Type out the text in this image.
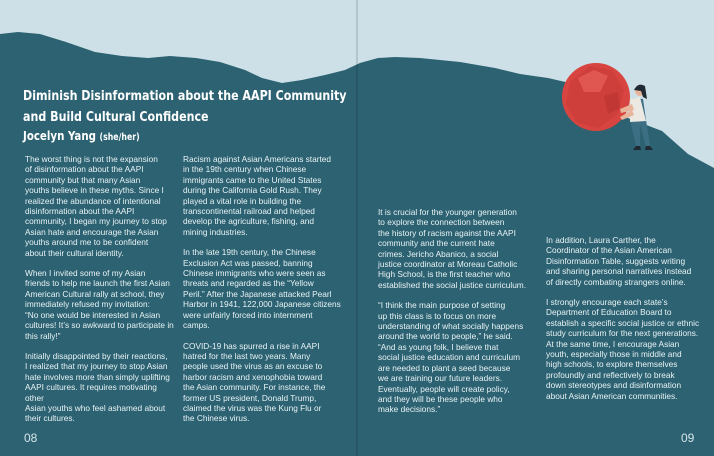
Diminish Disinformation about the AAPI Community
and Build Cultural Confidence
Jocelyn Yang (she/her)

The worst thing is not the expansion
of disinformation about the AAPI
community but that many Asian
youths believe in these myths. Since I
realized the abundance of intentional
disinformation about the AAPI
community, I began my journey to stop
Asian hate and encourage the Asian
youths around me to be confident
about their cultural identity.

When I invited some of my Asian
friends to help me launch the first Asian
American Cultural rally at school, they
immediately refused my invitation:
“No one would be interested in Asian
cultures! It’s so awkward to participate in
this rally!”

Initially disappointed by their reactions,
I realized that my journey to stop Asian
hate involves more than simply uplifting
AAPI cultures. It requires motivating other
Asian youths who feel ashamed about
their cultures.

Racism against Asian Americans started
in the 19th century when Chinese
immigrants came to the United States
during the California Gold Rush. They
played a vital role in building the
transcontinental railroad and helped
develop the agriculture, fishing, and
mining industries.

In the late 19th century, the Chinese
Exclusion Act was passed, banning
Chinese immigrants who were seen as
threats and regarded as the “Yellow
Peril.” After the Japanese attacked Pearl
Harbor in 1941, 122,000 Japanese citizens
were unfairly forced into internment
camps.

COVID-19 has spurred a rise in AAPI
hatred for the last two years. Many
people used the virus as an excuse to
harbor racism and xenophobia toward
the Asian community. For instance, the
former US president, Donald Trump,
claimed the virus was the Kung Flu or
the Chinese virus.

It is crucial for the younger generation
to explore the connection between
the history of racism against the AAPI
community and the current hate
crimes. Jericho Abanico, a social
justice coordinator at Moreau Catholic
High School, is the first teacher who
established the social justice curriculum.

“I think the main purpose of setting
up this class is to focus on more
understanding of what socially happens
around the world to people,” he said.
“And as young folk, I believe that
social justice education and curriculum
are needed to plant a seed because
we are training our future leaders.
Eventually, people will create policy,
and they will be these people who
make decisions.”

In addition, Laura Carther, the
Coordinator of the Asian American
Disinformation Table, suggests writing
and sharing personal narratives instead
of directly combating strangers online.

I strongly encourage each state’s
Department of Education Board to
establish a specific social justice or ethnic
study curriculum for the next generations.
At the same time, I encourage Asian
youth, especially those in middle and
high schools, to explore themselves
profoundly and reflectively to break
down stereotypes and disinformation
about Asian American communities.

08	09
